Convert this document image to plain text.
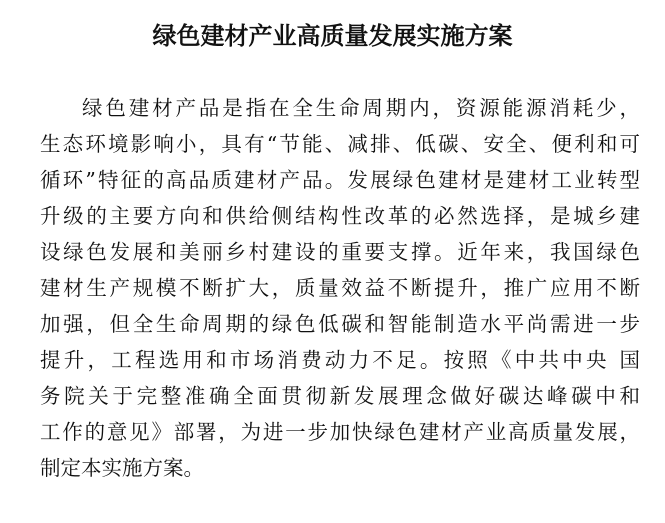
绿色建材产业高质量发展实施方案
绿色建材产品是指在全生命周期内，资源能源消耗少，
生态环境影响小，具有“节能、减排、低碳、安全、便利和可
循环”特征的高品质建材产品。发展绿色建材是建材工业转型
升级的主要方向和供给侧结构性改革的必然选择，是城乡建
设绿色发展和美丽乡村建设的重要支撑。近年来，我国绿色
建材生产规模不断扩大，质量效益不断提升，推广应用不断
加强，但全生命周期的绿色低碳和智能制造水平尚需进一步
提升，工程选用和市场消费动力不足。按照《中共中央 国
务院关于完整准确全面贯彻新发展理念做好碳达峰碳中和
工作的意见》部署，为进一步加快绿色建材产业高质量发展，
制定本实施方案。
